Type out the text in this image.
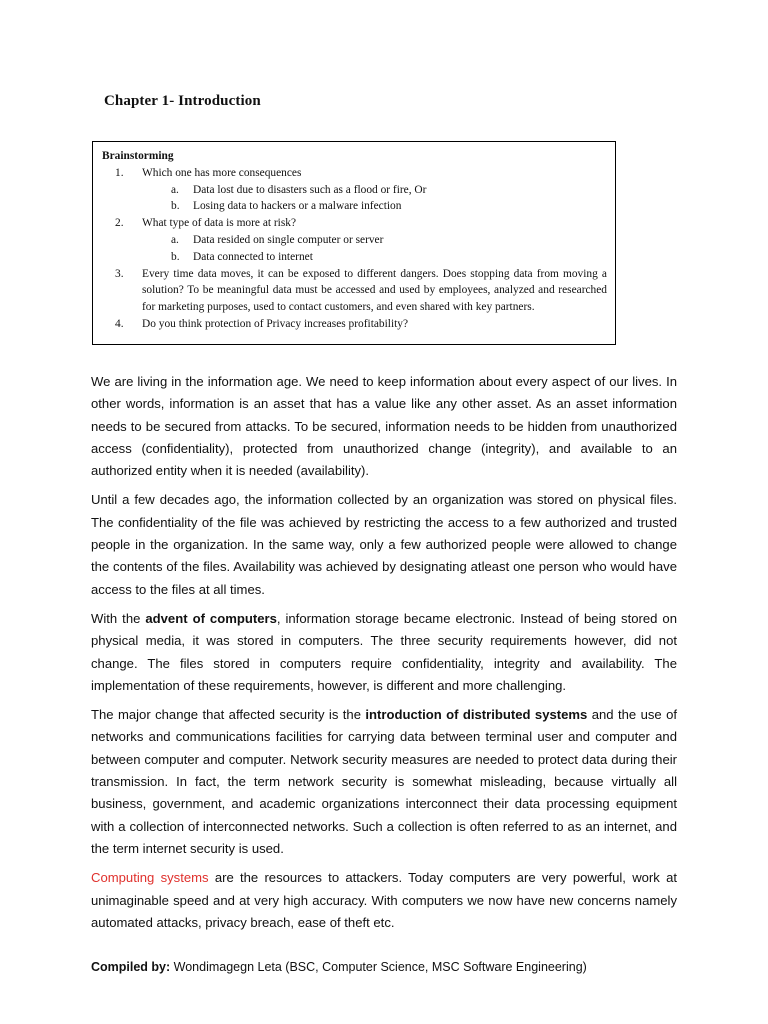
Chapter 1- Introduction
Brainstorming
1.	Which one has more consequences
a.	Data lost due to disasters such as a flood or fire, Or
b.	Losing data to hackers or a malware infection
2.	What type of data is more at risk?
a.	Data resided on single computer or server
b.	Data connected to internet
3.	Every time data moves, it can be exposed to different dangers. Does stopping data from moving a solution? To be meaningful data must be accessed and used by employees, analyzed and researched for marketing purposes, used to contact customers, and even shared with key partners.
4.	Do you think protection of Privacy increases profitability?

We are living in the information age. We need to keep information about every aspect of our lives. In other words, information is an asset that has a value like any other asset. As an asset information needs to be secured from attacks. To be secured, information needs to be hidden from unauthorized access (confidentiality), protected from unauthorized change (integrity), and available to an authorized entity when it is needed (availability).

Until a few decades ago, the information collected by an organization was stored on physical files. The confidentiality of the file was achieved by restricting the access to a few authorized and trusted people in the organization. In the same way, only a few authorized people were allowed to change the contents of the files. Availability was achieved by designating atleast one person who would have access to the files at all times.

With the advent of computers, information storage became electronic. Instead of being stored on physical media, it was stored in computers. The three security requirements however, did not change. The files stored in computers require confidentiality, integrity and availability. The implementation of these requirements, however, is different and more challenging.

The major change that affected security is the introduction of distributed systems and the use of networks and communications facilities for carrying data between terminal user and computer and between computer and computer. Network security measures are needed to protect data during their transmission. In fact, the term network security is somewhat misleading, because virtually all business, government, and academic organizations interconnect their data processing equipment with a collection of interconnected networks. Such a collection is often referred to as an internet, and the term internet security is used.

Computing systems are the resources to attackers. Today computers are very powerful, work at unimaginable speed and at very high accuracy. With computers we now have new concerns namely automated attacks, privacy breach, ease of theft etc.

Compiled by: Wondimagegn Leta (BSC, Computer Science, MSC Software Engineering)
